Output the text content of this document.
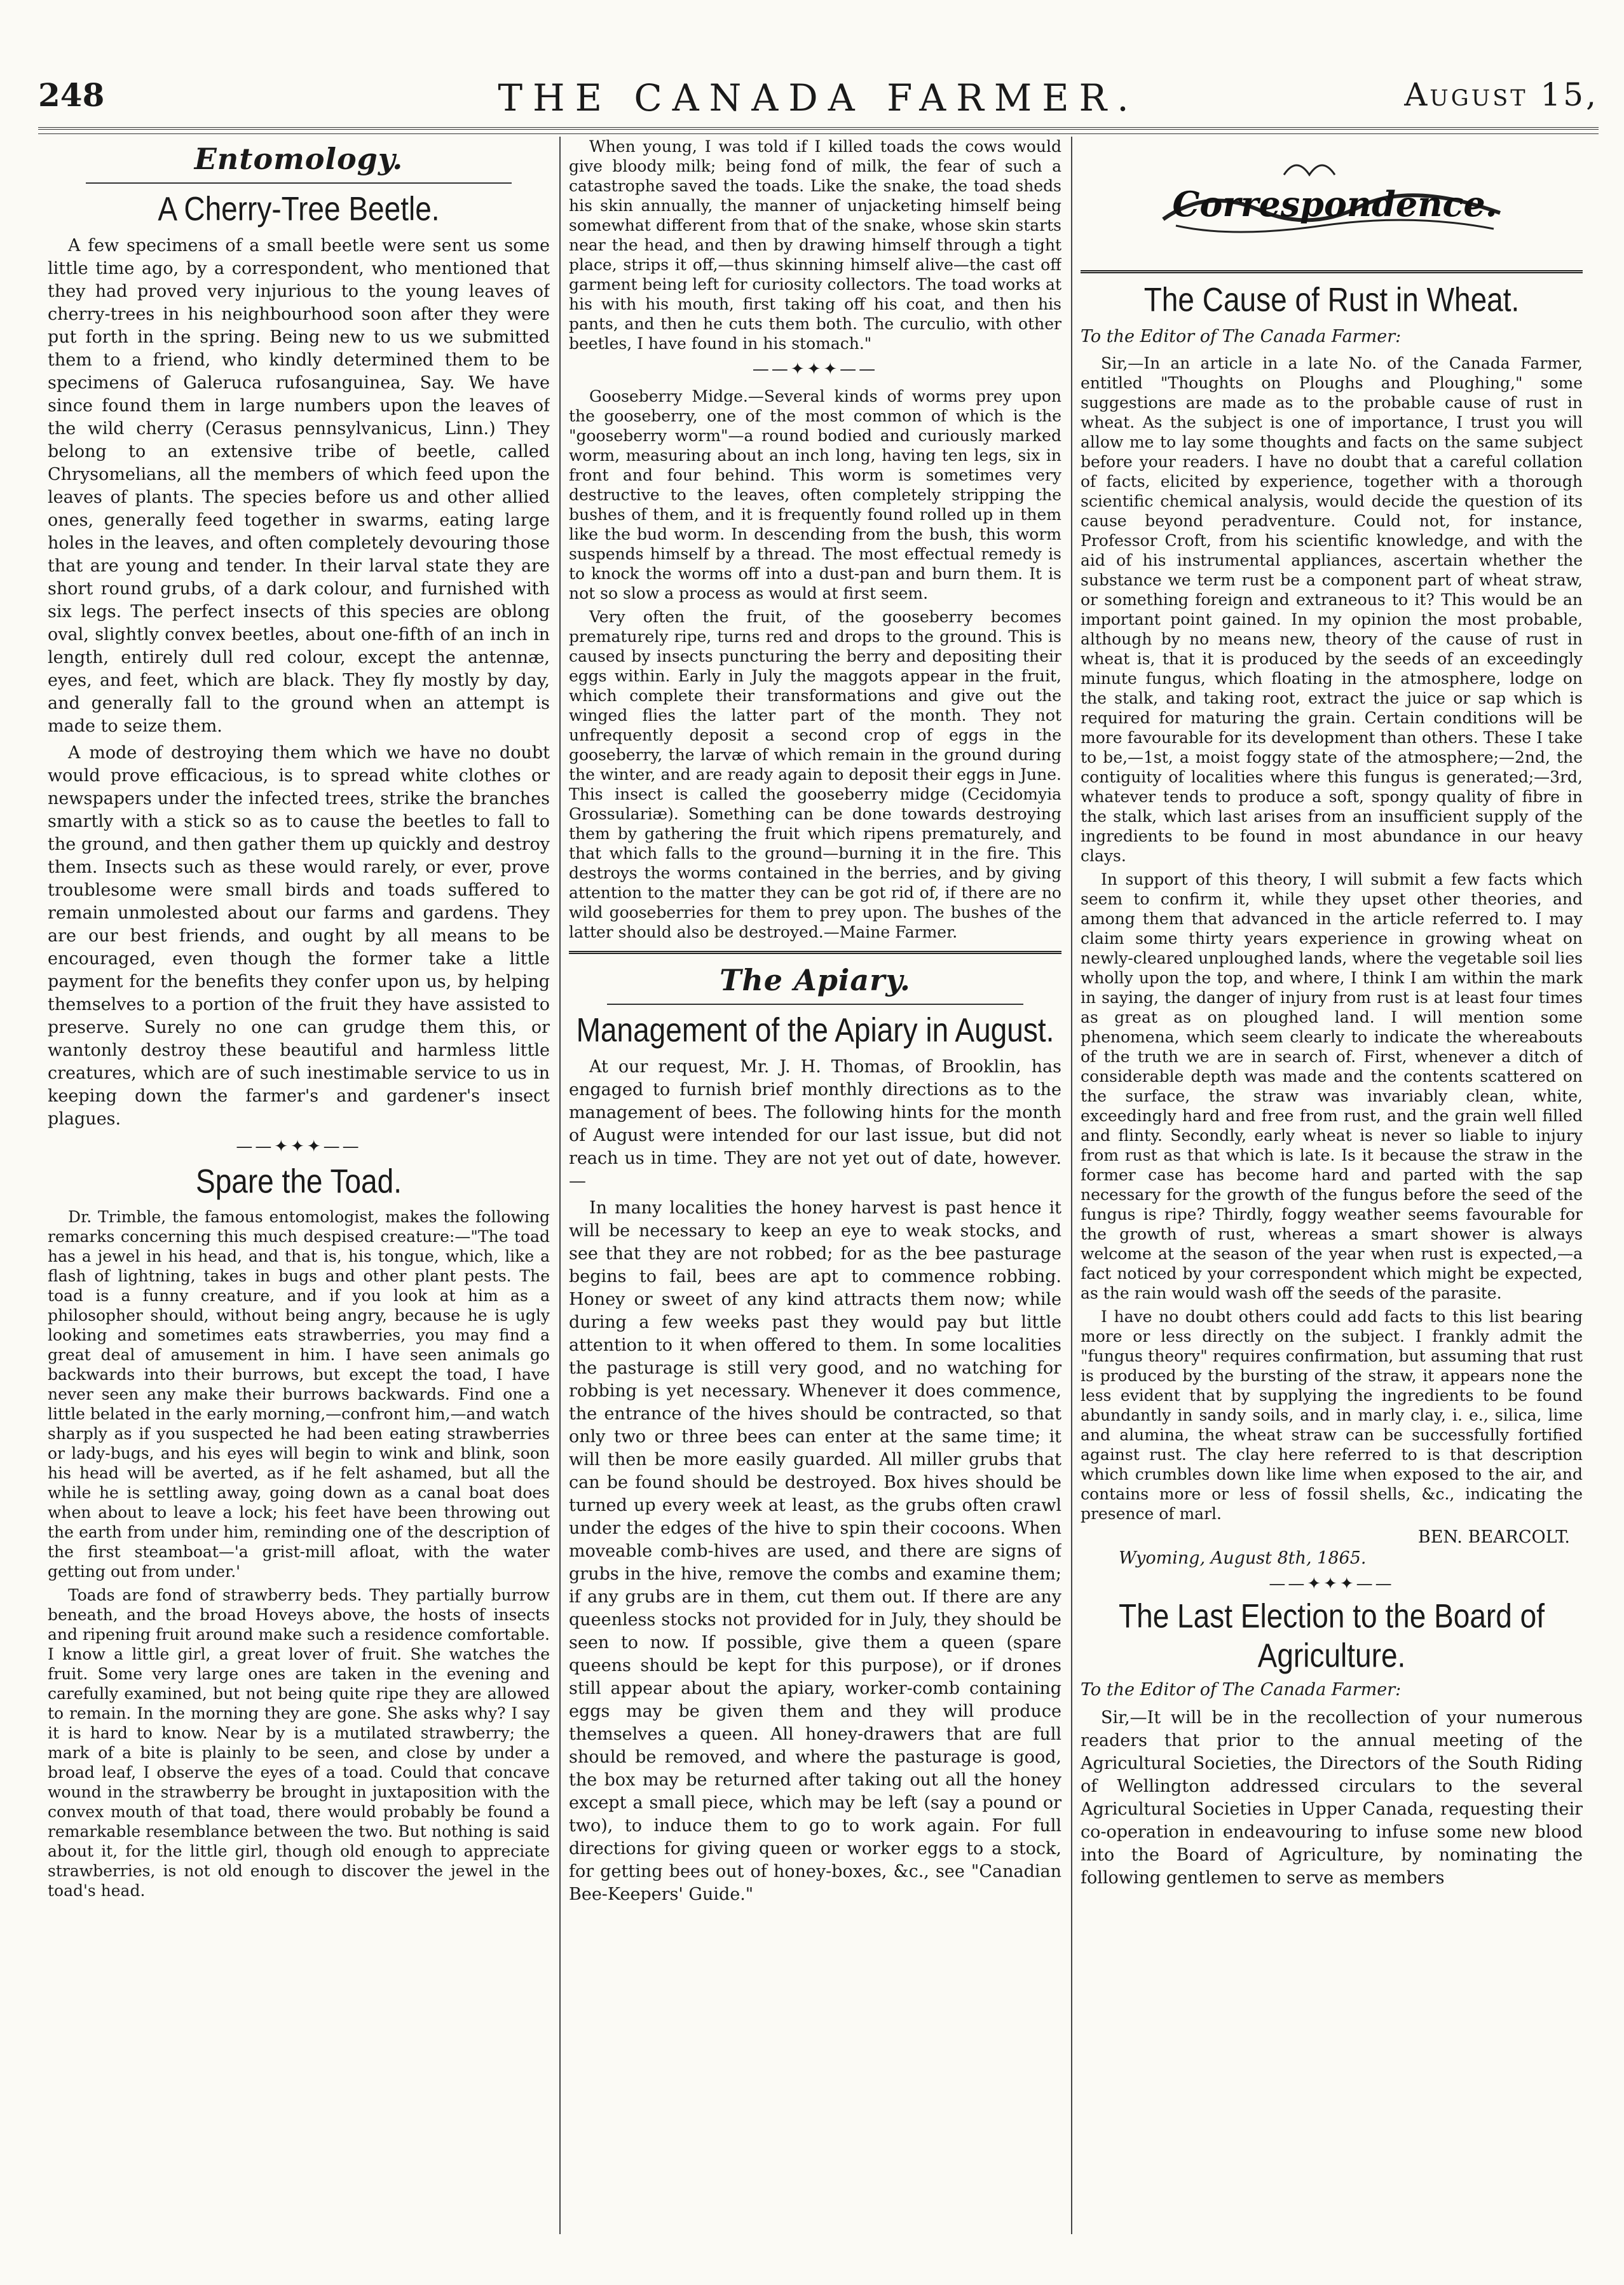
248	THE CANADA FARMER.	August 15,
Entomology.
A Cherry-Tree Beetle.

A few specimens of a small beetle were sent us some little time ago, by a correspondent, who mentioned that they had proved very injurious to the young leaves of cherry-trees in his neighbourhood soon after they were put forth in the spring. Being new to us we submitted them to a friend, who kindly determined them to be specimens of Galeruca rufosanguinea, Say. We have since found them in large numbers upon the leaves of the wild cherry (Cerasus pennsylvanicus, Linn.) They belong to an extensive tribe of beetle, called Chrysomelians, all the members of which feed upon the leaves of plants. The species before us and other allied ones, generally feed together in swarms, eating large holes in the leaves, and often completely devouring those that are young and tender. In their larval state they are short round grubs, of a dark colour, and furnished with six legs. The perfect insects of this species are oblong oval, slightly convex beetles, about one-fifth of an inch in length, entirely dull red colour, except the antennæ, eyes, and feet, which are black. They fly mostly by day, and generally fall to the ground when an attempt is made to seize them.

A mode of destroying them which we have no doubt would prove efficacious, is to spread white clothes or newspapers under the infected trees, strike the branches smartly with a stick so as to cause the beetles to fall to the ground, and then gather them up quickly and destroy them. Insects such as these would rarely, or ever, prove troublesome were small birds and toads suffered to remain unmolested about our farms and gardens. They are our best friends, and ought by all means to be encouraged, even though the former take a little payment for the benefits they confer upon us, by helping themselves to a portion of the fruit they have assisted to preserve. Surely no one can grudge them this, or wantonly destroy these beautiful and harmless little creatures, which are of such inestimable service to us in keeping down the farmer's and gardener's insect plagues.

——✦✦✦——
Spare the Toad.

Dr. Trimble, the famous entomologist, makes the following remarks concerning this much despised creature:—"The toad has a jewel in his head, and that is, his tongue, which, like a flash of lightning, takes in bugs and other plant pests. The toad is a funny creature, and if you look at him as a philosopher should, without being angry, because he is ugly looking and sometimes eats strawberries, you may find a great deal of amusement in him. I have seen animals go backwards into their burrows, but except the toad, I have never seen any make their burrows backwards. Find one a little belated in the early morning,—confront him,—and watch sharply as if you suspected he had been eating strawberries or lady-bugs, and his eyes will begin to wink and blink, soon his head will be averted, as if he felt ashamed, but all the while he is settling away, going down as a canal boat does when about to leave a lock; his feet have been throwing out the earth from under him, reminding one of the description of the first steamboat—'a grist-mill afloat, with the water getting out from under.'

Toads are fond of strawberry beds. They partially burrow beneath, and the broad Hoveys above, the hosts of insects and ripening fruit around make such a residence comfortable. I know a little girl, a great lover of fruit. She watches the fruit. Some very large ones are taken in the evening and carefully examined, but not being quite ripe they are allowed to remain. In the morning they are gone. She asks why? I say it is hard to know. Near by is a mutilated strawberry; the mark of a bite is plainly to be seen, and close by under a broad leaf, I observe the eyes of a toad. Could that concave wound in the strawberry be brought in juxtaposition with the convex mouth of that toad, there would probably be found a remarkable resemblance between the two. But nothing is said about it, for the little girl, though old enough to appreciate strawberries, is not old enough to discover the jewel in the toad's head.

When young, I was told if I killed toads the cows would give bloody milk; being fond of milk, the fear of such a catastrophe saved the toads. Like the snake, the toad sheds his skin annually, the manner of unjacketing himself being somewhat different from that of the snake, whose skin starts near the head, and then by drawing himself through a tight place, strips it off,—thus skinning himself alive—the cast off garment being left for curiosity collectors. The toad works at his with his mouth, first taking off his coat, and then his pants, and then he cuts them both. The curculio, with other beetles, I have found in his stomach."

——✦✦✦——

Gooseberry Midge.—Several kinds of worms prey upon the gooseberry, one of the most common of which is the "gooseberry worm"—a round bodied and curiously marked worm, measuring about an inch long, having ten legs, six in front and four behind. This worm is sometimes very destructive to the leaves, often completely stripping the bushes of them, and it is frequently found rolled up in them like the bud worm. In descending from the bush, this worm suspends himself by a thread. The most effectual remedy is to knock the worms off into a dust-pan and burn them. It is not so slow a process as would at first seem.

Very often the fruit, of the gooseberry becomes prematurely ripe, turns red and drops to the ground. This is caused by insects puncturing the berry and depositing their eggs within. Early in July the maggots appear in the fruit, which complete their transformations and give out the winged flies the latter part of the month. They not unfrequently deposit a second crop of eggs in the gooseberry, the larvæ of which remain in the ground during the winter, and are ready again to deposit their eggs in June. This insect is called the gooseberry midge (Cecidomyia Grossulariæ). Something can be done towards destroying them by gathering the fruit which ripens prematurely, and that which falls to the ground—burning it in the fire. This destroys the worms contained in the berries, and by giving attention to the matter they can be got rid of, if there are no wild gooseberries for them to prey upon. The bushes of the latter should also be destroyed.—Maine Farmer.

The Apiary.
Management of the Apiary in August.

At our request, Mr. J. H. Thomas, of Brooklin, has engaged to furnish brief monthly directions as to the management of bees. The following hints for the month of August were intended for our last issue, but did not reach us in time. They are not yet out of date, however.—

In many localities the honey harvest is past hence it will be necessary to keep an eye to weak stocks, and see that they are not robbed; for as the bee pasturage begins to fail, bees are apt to commence robbing. Honey or sweet of any kind attracts them now; while during a few weeks past they would pay but little attention to it when offered to them. In some localities the pasturage is still very good, and no watching for robbing is yet necessary. Whenever it does commence, the entrance of the hives should be contracted, so that only two or three bees can enter at the same time; it will then be more easily guarded. All miller grubs that can be found should be destroyed. Box hives should be turned up every week at least, as the grubs often crawl under the edges of the hive to spin their cocoons. When moveable comb-hives are used, and there are signs of grubs in the hive, remove the combs and examine them; if any grubs are in them, cut them out. If there are any queenless stocks not provided for in July, they should be seen to now. If possible, give them a queen (spare queens should be kept for this purpose), or if drones still appear about the apiary, worker-comb containing eggs may be given them and they will produce themselves a queen. All honey-drawers that are full should be removed, and where the pasturage is good, the box may be returned after taking out all the honey except a small piece, which may be left (say a pound or two), to induce them to go to work again. For full directions for giving queen or worker eggs to a stock, for getting bees out of honey-boxes, &c., see "Canadian Bee-Keepers' Guide."

Correspondence.
The Cause of Rust in Wheat.

To the Editor of The Canada Farmer:

Sir,—In an article in a late No. of the Canada Farmer, entitled "Thoughts on Ploughs and Ploughing," some suggestions are made as to the probable cause of rust in wheat. As the subject is one of importance, I trust you will allow me to lay some thoughts and facts on the same subject before your readers. I have no doubt that a careful collation of facts, elicited by experience, together with a thorough scientific chemical analysis, would decide the question of its cause beyond peradventure. Could not, for instance, Professor Croft, from his scientific knowledge, and with the aid of his instrumental appliances, ascertain whether the substance we term rust be a component part of wheat straw, or something foreign and extraneous to it? This would be an important point gained. In my opinion the most probable, although by no means new, theory of the cause of rust in wheat is, that it is produced by the seeds of an exceedingly minute fungus, which floating in the atmosphere, lodge on the stalk, and taking root, extract the juice or sap which is required for maturing the grain. Certain conditions will be more favourable for its development than others. These I take to be,—1st, a moist foggy state of the atmosphere;—2nd, the contiguity of localities where this fungus is generated;—3rd, whatever tends to produce a soft, spongy quality of fibre in the stalk, which last arises from an insufficient supply of the ingredients to be found in most abundance in our heavy clays.

In support of this theory, I will submit a few facts which seem to confirm it, while they upset other theories, and among them that advanced in the article referred to. I may claim some thirty years experience in growing wheat on newly-cleared unploughed lands, where the vegetable soil lies wholly upon the top, and where, I think I am within the mark in saying, the danger of injury from rust is at least four times as great as on ploughed land. I will mention some phenomena, which seem clearly to indicate the whereabouts of the truth we are in search of. First, whenever a ditch of considerable depth was made and the contents scattered on the surface, the straw was invariably clean, white, exceedingly hard and free from rust, and the grain well filled and flinty. Secondly, early wheat is never so liable to injury from rust as that which is late. Is it because the straw in the former case has become hard and parted with the sap necessary for the growth of the fungus before the seed of the fungus is ripe? Thirdly, foggy weather seems favourable for the growth of rust, whereas a smart shower is always welcome at the season of the year when rust is expected,—a fact noticed by your correspondent which might be expected, as the rain would wash off the seeds of the parasite.

I have no doubt others could add facts to this list bearing more or less directly on the subject. I frankly admit the "fungus theory" requires confirmation, but assuming that rust is produced by the bursting of the straw, it appears none the less evident that by supplying the ingredients to be found abundantly in sandy soils, and in marly clay, i. e., silica, lime and alumina, the wheat straw can be successfully fortified against rust. The clay here referred to is that description which crumbles down like lime when exposed to the air, and contains more or less of fossil shells, &c., indicating the presence of marl.

BEN. BEARCOLT.
Wyoming, August 8th, 1865.
——✦✦✦——
The Last Election to the Board of Agriculture.

To the Editor of The Canada Farmer:

Sir,—It will be in the recollection of your numerous readers that prior to the annual meeting of the Agricultural Societies, the Directors of the South Riding of Wellington addressed circulars to the several Agricultural Societies in Upper Canada, requesting their co-operation in endeavouring to infuse some new blood into the Board of Agriculture, by nominating the following gentlemen to serve as members
